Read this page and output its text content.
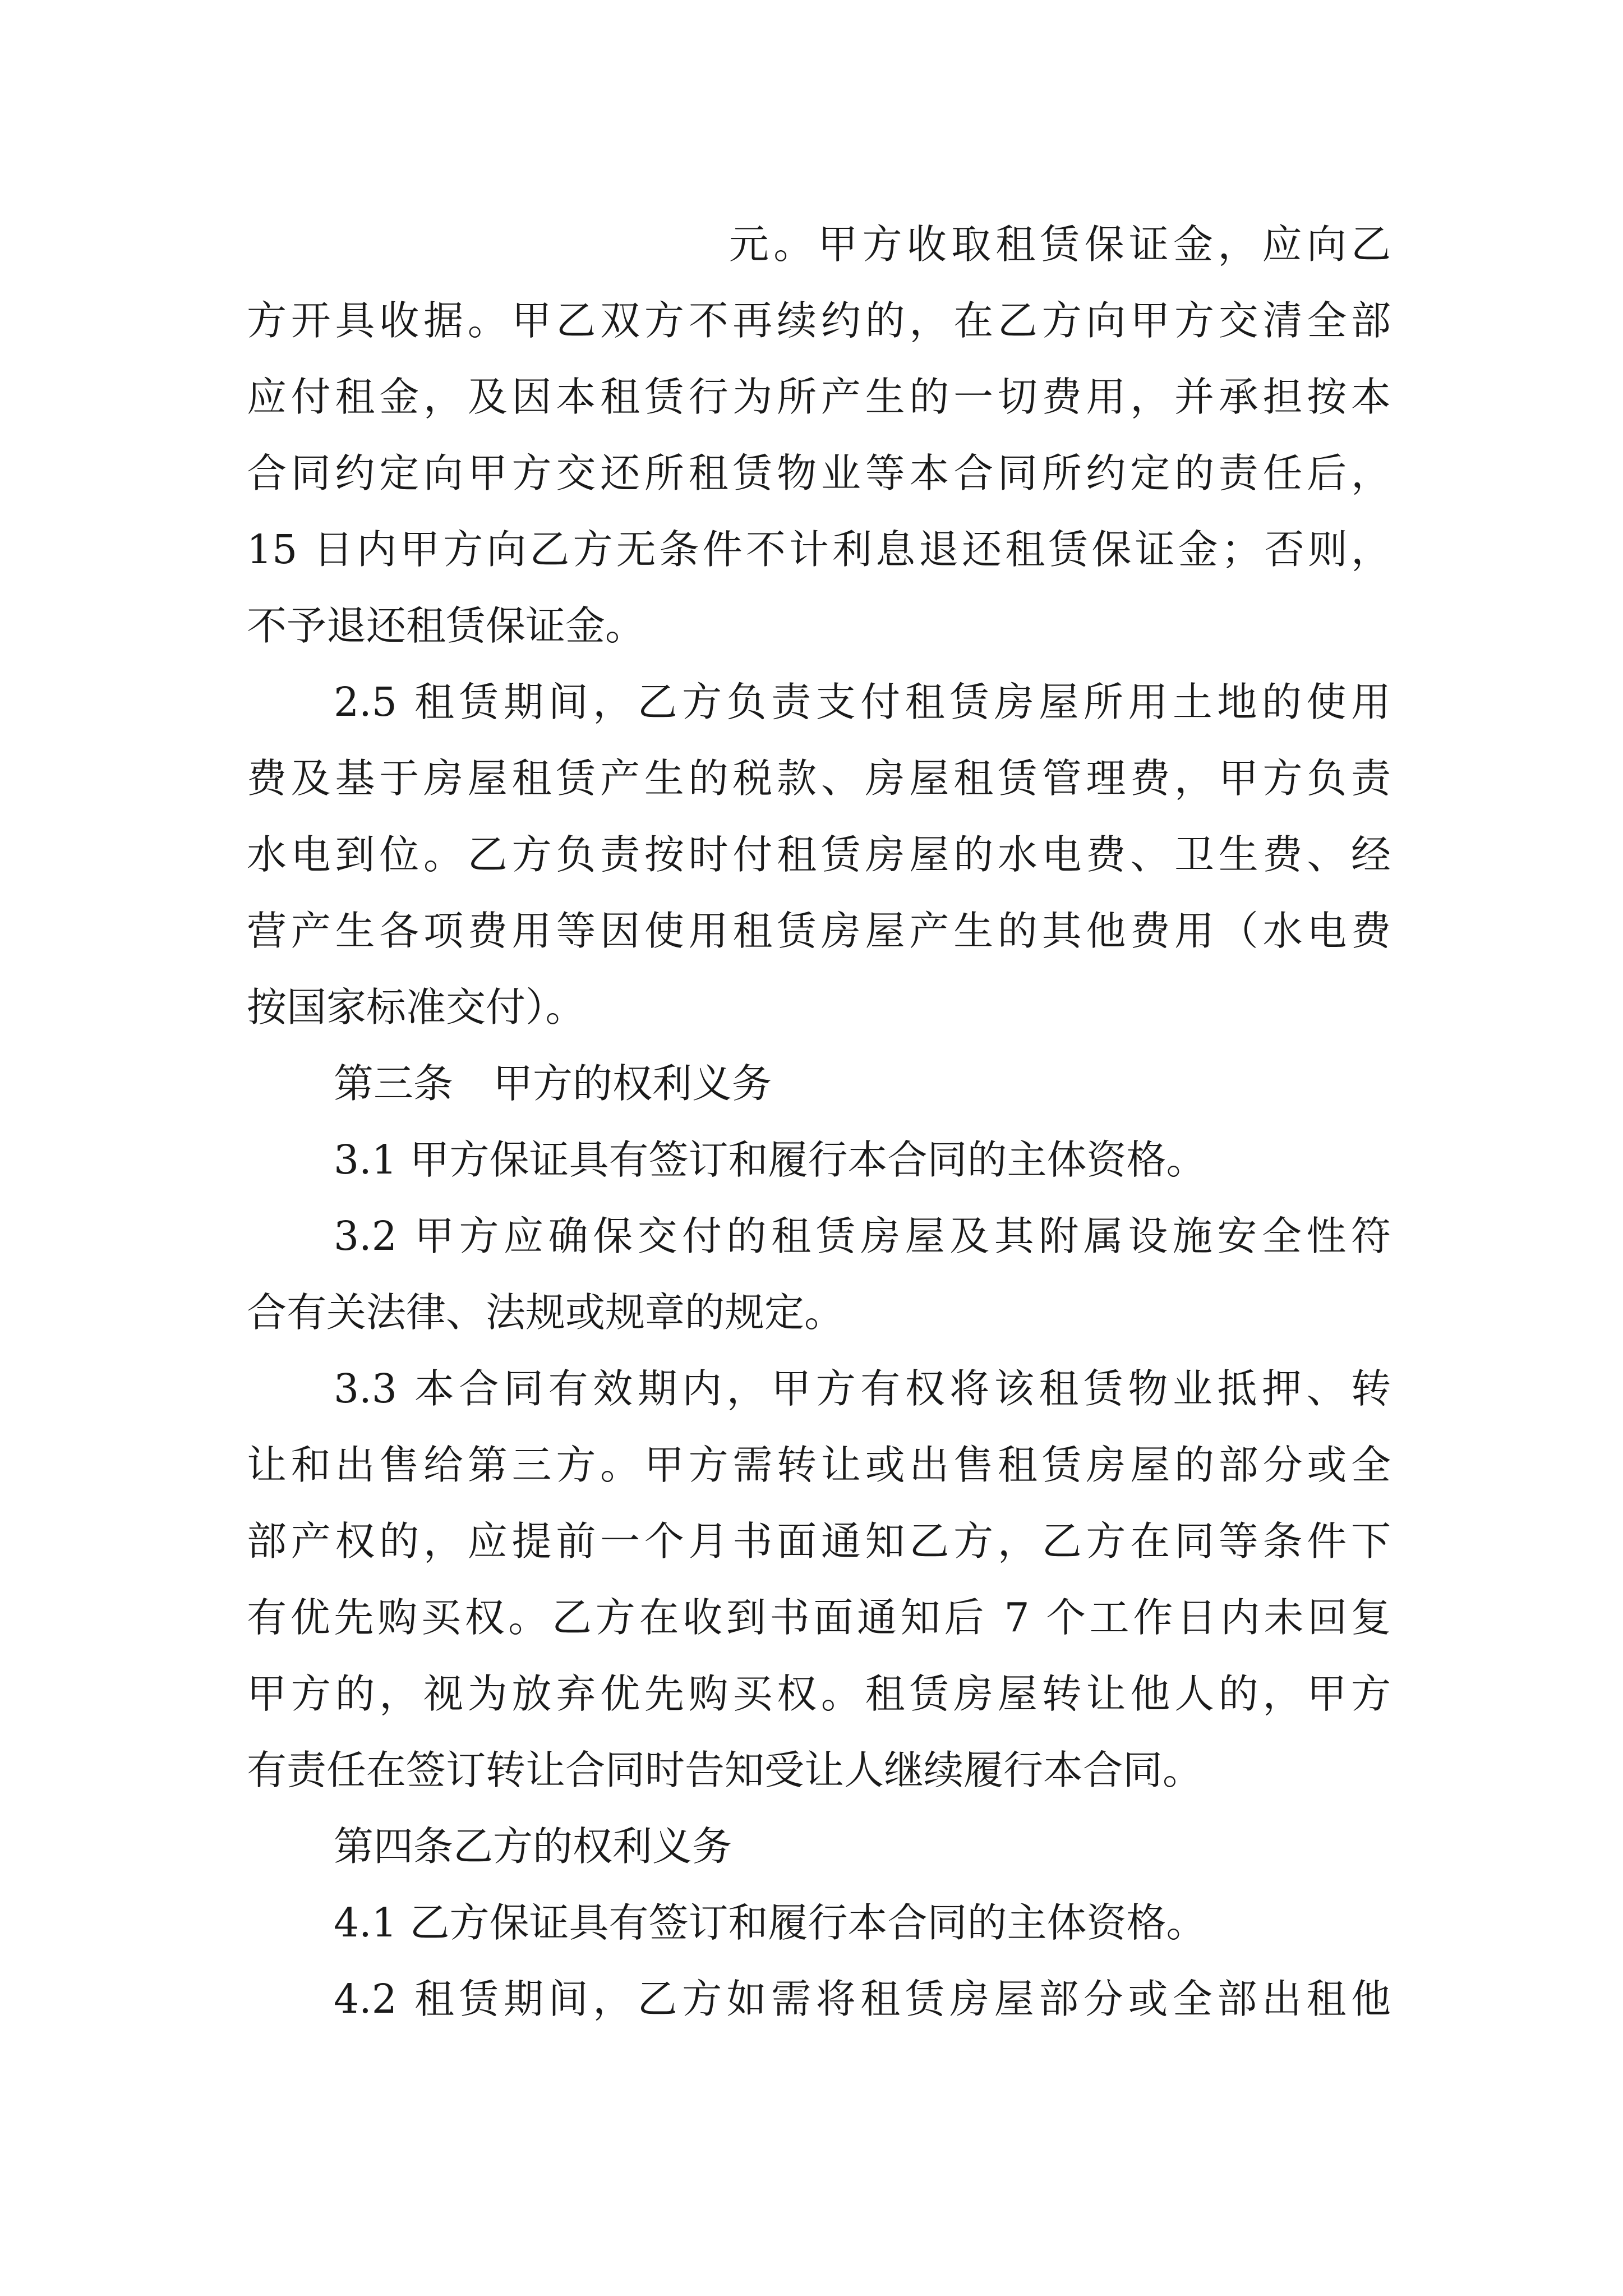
元。甲方收取租赁保证金，应向乙

方开具收据。甲乙双方不再续约的，在乙方向甲方交清全部

应付租金，及因本租赁行为所产生的一切费用，并承担按本

合同约定向甲方交还所租赁物业等本合同所约定的责任后，

15 日内甲方向乙方无条件不计利息退还租赁保证金；否则，

不予退还租赁保证金。

2.5 租赁期间，乙方负责支付租赁房屋所用土地的使用

费及基于房屋租赁产生的税款、房屋租赁管理费，甲方负责

水电到位。乙方负责按时付租赁房屋的水电费、卫生费、经

营产生各项费用等因使用租赁房屋产生的其他费用（水电费

按国家标准交付）。

第三条　甲方的权利义务

3.1 甲方保证具有签订和履行本合同的主体资格。

3.2 甲方应确保交付的租赁房屋及其附属设施安全性符

合有关法律、法规或规章的规定。

3.3 本合同有效期内，甲方有权将该租赁物业抵押、转

让和出售给第三方。甲方需转让或出售租赁房屋的部分或全

部产权的，应提前一个月书面通知乙方，乙方在同等条件下

有优先购买权。乙方在收到书面通知后 7 个工作日内未回复

甲方的，视为放弃优先购买权。租赁房屋转让他人的，甲方

有责任在签订转让合同时告知受让人继续履行本合同。

第四条乙方的权利义务

4.1 乙方保证具有签订和履行本合同的主体资格。

4.2 租赁期间，乙方如需将租赁房屋部分或全部出租他
